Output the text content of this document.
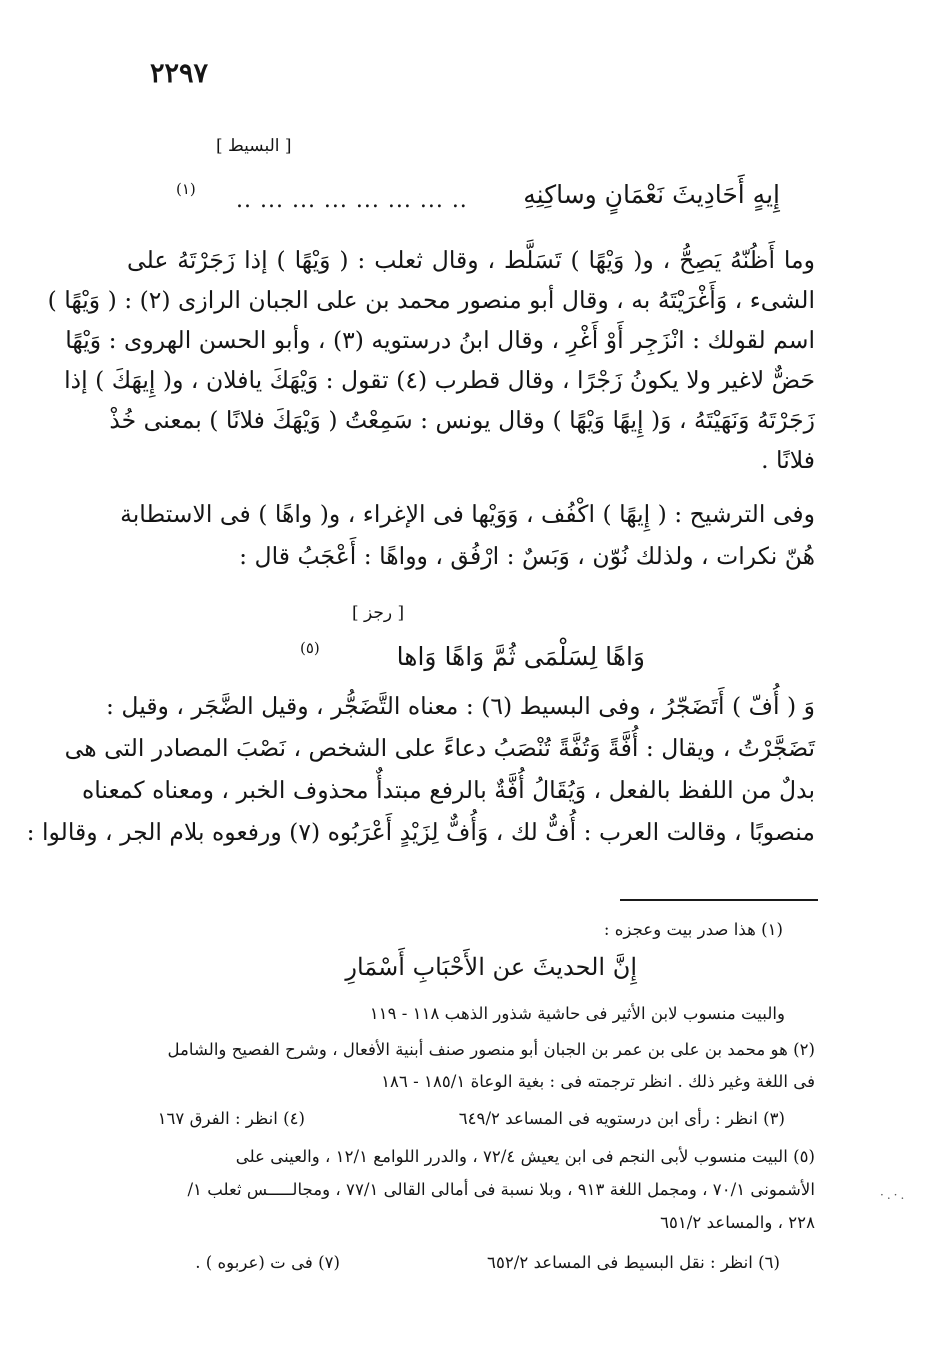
٢٢٩٧
[ البسيط ]
إِيهٍ أَحَادِيثَ نَعْمَانٍ وساكِنِهِ
.. ... ... ... ... ... ... ..
(١)
وما أَظُنّهُ يَصِحُّ ، و( وَيْهًا ) تَسَلَّط ، وقال ثعلب : ( وَيْهًا ) إذا زَجَرْتَهُ على
الشىء ، وَأَغْرَيْتَهُ به ، وقال أبو منصور محمد بن على الجبان الرازى (٢) : ( وَيْهًا )
اسم لقولك : انْزَجِر أَوْ أَغْرِ ، وقال ابنُ درستويه (٣) ، وأبو الحسن الهروى : وَيْهًا
حَضٌّ لاغير ولا يكونُ زَجْرًا ، وقال قطرب (٤) تقول : وَيْهَكَ يافلان ، و( إِيهَكَ ) إذا
زَجَرْتَهُ وَنَهَيْتَهُ ، وَ( إِيهًا وَيْهًا ) وقال يونس : سَمِعْتُ ( وَيْهَكَ فلانًا ) بمعنى خُذْ
فلانًا .
وفى الترشيح : ( إِيهًا ) اكْفُف ، وَوَيْها فى الإغراء ، و( واهًا ) فى الاستطابة
هُنّ نكرات ، ولذلك نُوّن ، وَبَسٌ : ارْفُق ، وواهًا : أَعْجَبُ قال :
[ رجز ]
وَاهًا لِسَلْمَى ثُمَّ وَاهًا وَاها
(٥)
وَ ( أُفّ ) أَتَضَجّرُ ، وفى البسيط (٦) : معناه التَّضَجُّر ، وقيل الضَّجَر ، وقيل :
تَضَجَّرْتُ ، ويقال : أُفَّةً وَتُفَّةً تُنْصَبُ دعاءً على الشخص ، نَصْبَ المصادر التى هى
بدلٌ من اللفظ بالفعل ، وَيُقَالُ أُفَّةٌ بالرفع مبتدأٌ محذوف الخبر ، ومعناه كمعناه
منصوبًا ، وقالت العرب : أُفٌّ لك ، وَأُفٌّ لِزَيْدٍ أَعْرَبُوه (٧) ورفعوه بلام الجر ، وقالوا :
(١) هذا صدر بيت وعجزه :
إِنَّ الحديثَ عن الأَحْبَابِ أَسْمَارِ
والبيت منسوب لابن الأثير فى حاشية شذور الذهب ١١٨ - ١١٩
(٢) هو محمد بن على بن عمر بن الجبان أبو منصور صنف أبنية الأفعال ، وشرح الفصيح والشامل
فى اللغة وغير ذلك . انظر ترجمته فى : بغية الوعاة ١٨٥/١ - ١٨٦
(٣) انظر : رأى ابن درستويه فى المساعد ٦٤٩/٢
(٤) انظر : الفرق ١٦٧
(٥) البيت منسوب لأبى النجم فى ابن يعيش ٧٢/٤ ، والدرر اللوامع ١٢/١ ، والعينى على
الأشمونى ٧٠/١ ، ومجمل اللغة ٩١٣ ، وبلا نسبة فى أمالى القالى ٧٧/١ ، ومجالـــــس ثعلب ١/
٢٢٨ ، والمساعد ٦٥١/٢
(٦) انظر : نقل البسيط فى المساعد ٦٥٢/٢
(٧) فى ت (عربوه ) .
·.·.
